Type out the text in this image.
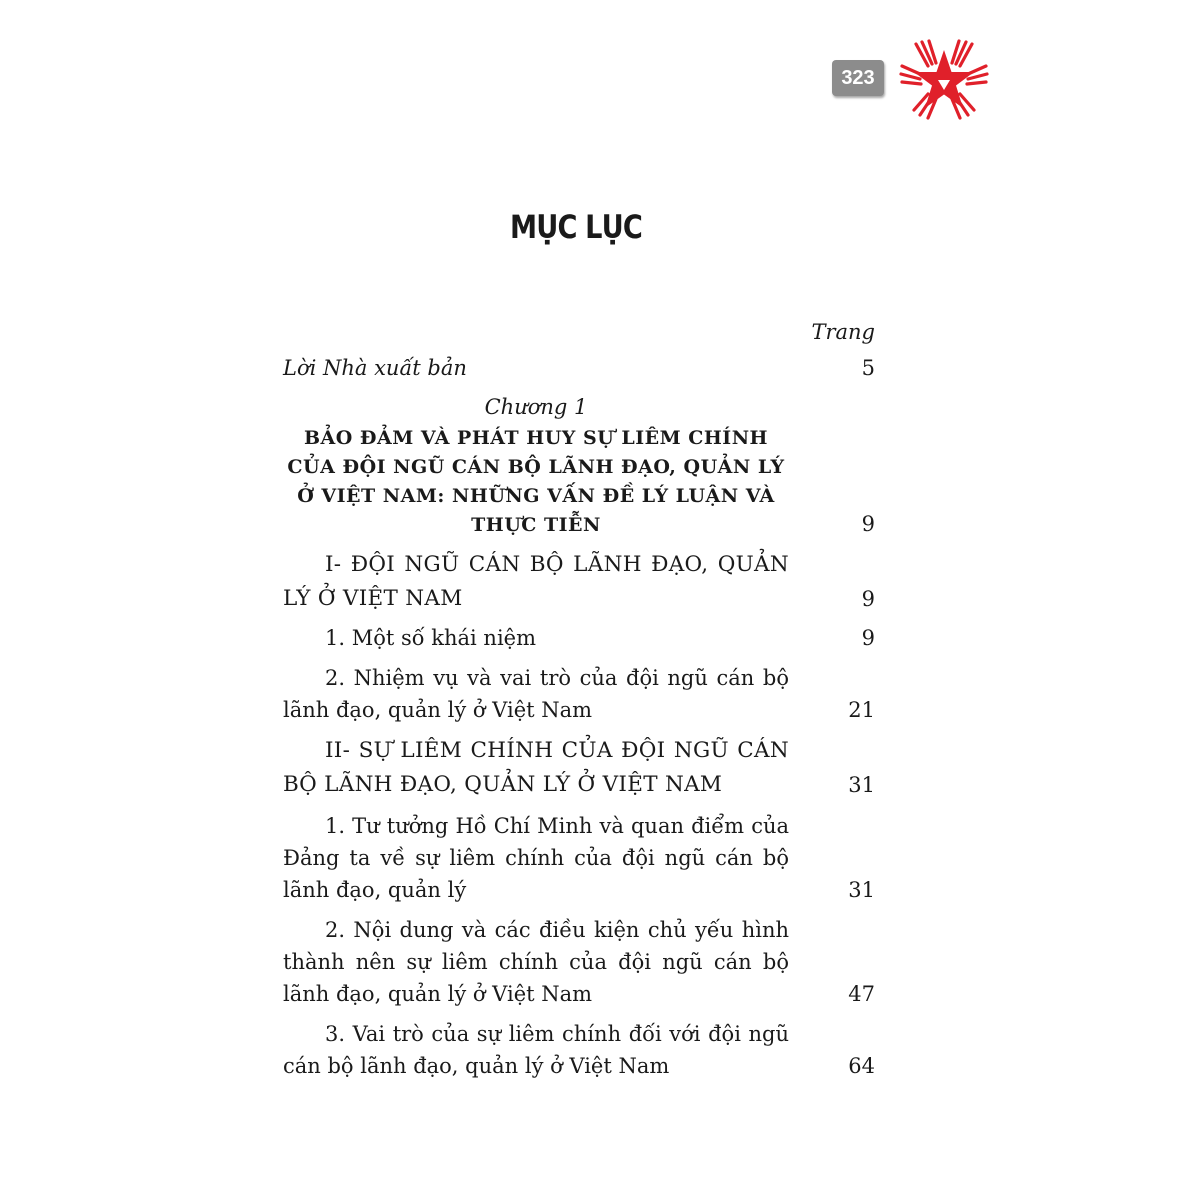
323
MỤC LỤC
Trang
Lời Nhà xuất bản	5
Chương 1
BẢO ĐẢM VÀ PHÁT HUY SỰ LIÊM CHÍNH CỦA ĐỘI NGŨ CÁN BỘ LÃNH ĐẠO, QUẢN LÝ Ở VIỆT NAM: NHỮNG VẤN ĐỀ LÝ LUẬN VÀ THỰC TIỄN	9
I- ĐỘI NGŨ CÁN BỘ LÃNH ĐẠO, QUẢN LÝ Ở VIỆT NAM	9
1. Một số khái niệm	9
2. Nhiệm vụ và vai trò của đội ngũ cán bộ lãnh đạo, quản lý ở Việt Nam	21
II- SỰ LIÊM CHÍNH CỦA ĐỘI NGŨ CÁN BỘ LÃNH ĐẠO, QUẢN LÝ Ở VIỆT NAM	31
1. Tư tưởng Hồ Chí Minh và quan điểm của Đảng ta về sự liêm chính của đội ngũ cán bộ lãnh đạo, quản lý	31
2. Nội dung và các điều kiện chủ yếu hình thành nên sự liêm chính của đội ngũ cán bộ lãnh đạo, quản lý ở Việt Nam	47
3. Vai trò của sự liêm chính đối với đội ngũ cán bộ lãnh đạo, quản lý ở Việt Nam	64
